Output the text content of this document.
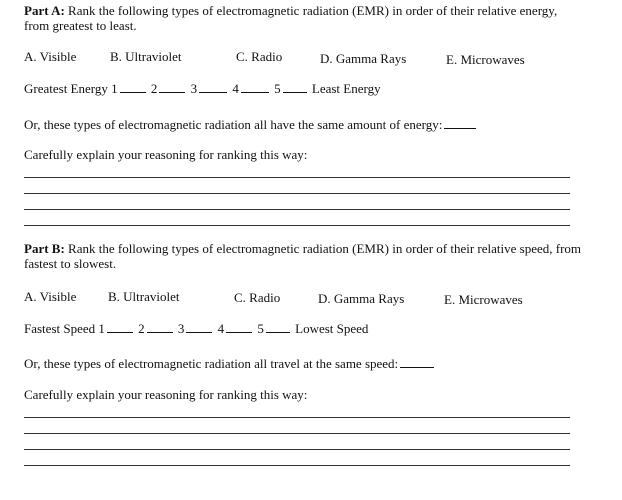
Part A: Rank the following types of electromagnetic radiation (EMR) in order of their relative energy, from greatest to least.
A. Visible	B. Ultraviolet	C. Radio	D. Gamma Rays	E. Microwaves
Greatest Energy 1	2	3	4	5 Least Energy
Or, these types of electromagnetic radiation all have the same amount of energy:
Carefully explain your reasoning for ranking this way:
Part B: Rank the following types of electromagnetic radiation (EMR) in order of their relative speed, from fastest to slowest.
A. Visible B. Ultraviolet	C. Radio	D. Gamma Rays	E. Microwaves
Fastest Speed 1	2	3	4	5 Lowest Speed
Or, these types of electromagnetic radiation all travel at the same speed:
Carefully explain your reasoning for ranking this way:
